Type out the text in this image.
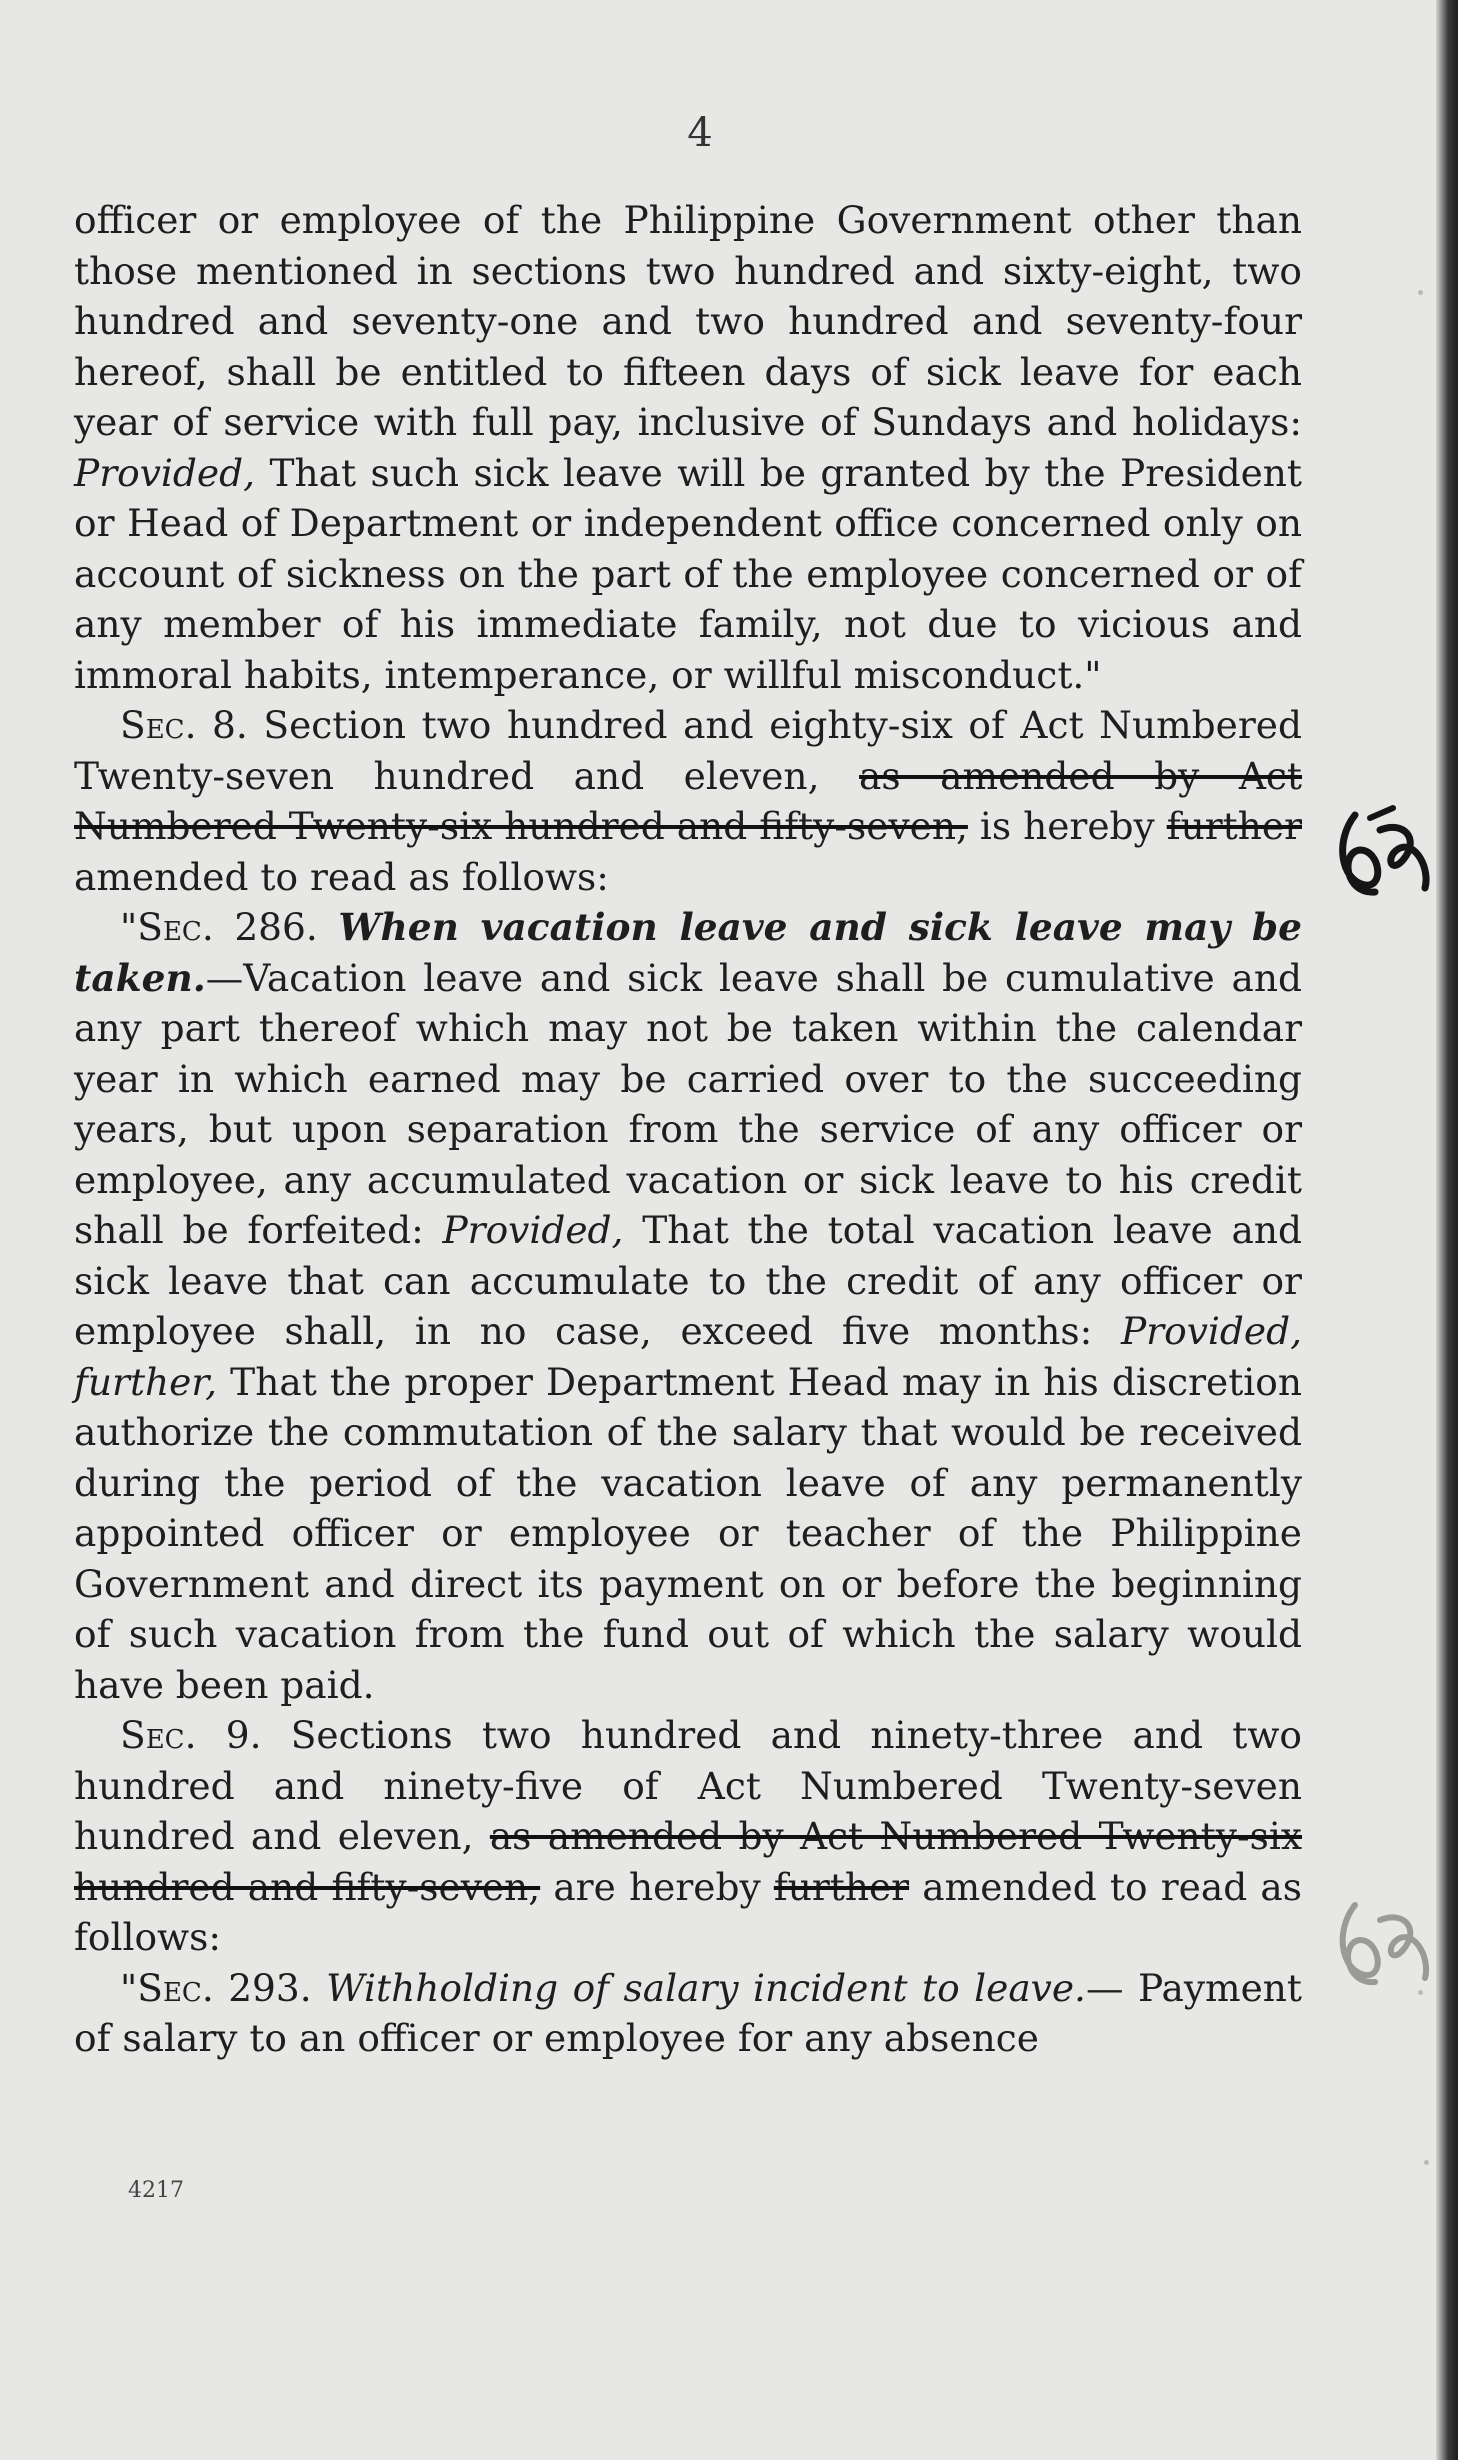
4

officer or employee of the Philippine Government other than those mentioned in sections two hundred and sixty-eight, two hundred and seventy-one and two hundred and seventy-four hereof, shall be entitled to fifteen days of sick leave for each year of service with full pay, inclusive of Sundays and holidays: Provided, That such sick leave will be granted by the President or Head of Department or independent office concerned only on account of sickness on the part of the employee concerned or of any member of his immediate family, not due to vicious and immoral habits, intemperance, or willful misconduct."

Sec. 8. Section two hundred and eighty-six of Act Numbered Twenty-seven hundred and eleven, as amended by Act Numbered Twenty-six hundred and fifty-seven, is hereby further amended to read as follows:

"Sec. 286. When vacation leave and sick leave may be taken.—Vacation leave and sick leave shall be cumulative and any part thereof which may not be taken within the calendar year in which earned may be carried over to the succeeding years, but upon separation from the service of any officer or employee, any accumulated vacation or sick leave to his credit shall be forfeited: Provided, That the total vacation leave and sick leave that can accumulate to the credit of any officer or employee shall, in no case, exceed five months: Provided, further, That the proper Department Head may in his discretion authorize the commutation of the salary that would be received during the period of the vacation leave of any permanently appointed officer or employee or teacher of the Philippine Government and direct its payment on or before the beginning of such vacation from the fund out of which the salary would have been paid.

Sec. 9. Sections two hundred and ninety-three and two hundred and ninety-five of Act Numbered Twenty-seven hundred and eleven, as amended by Act Numbered Twenty-six hundred and fifty-seven, are hereby further amended to read as follows:

"Sec. 293. Withholding of salary incident to leave.— Payment of salary to an officer or employee for any absence

4217
